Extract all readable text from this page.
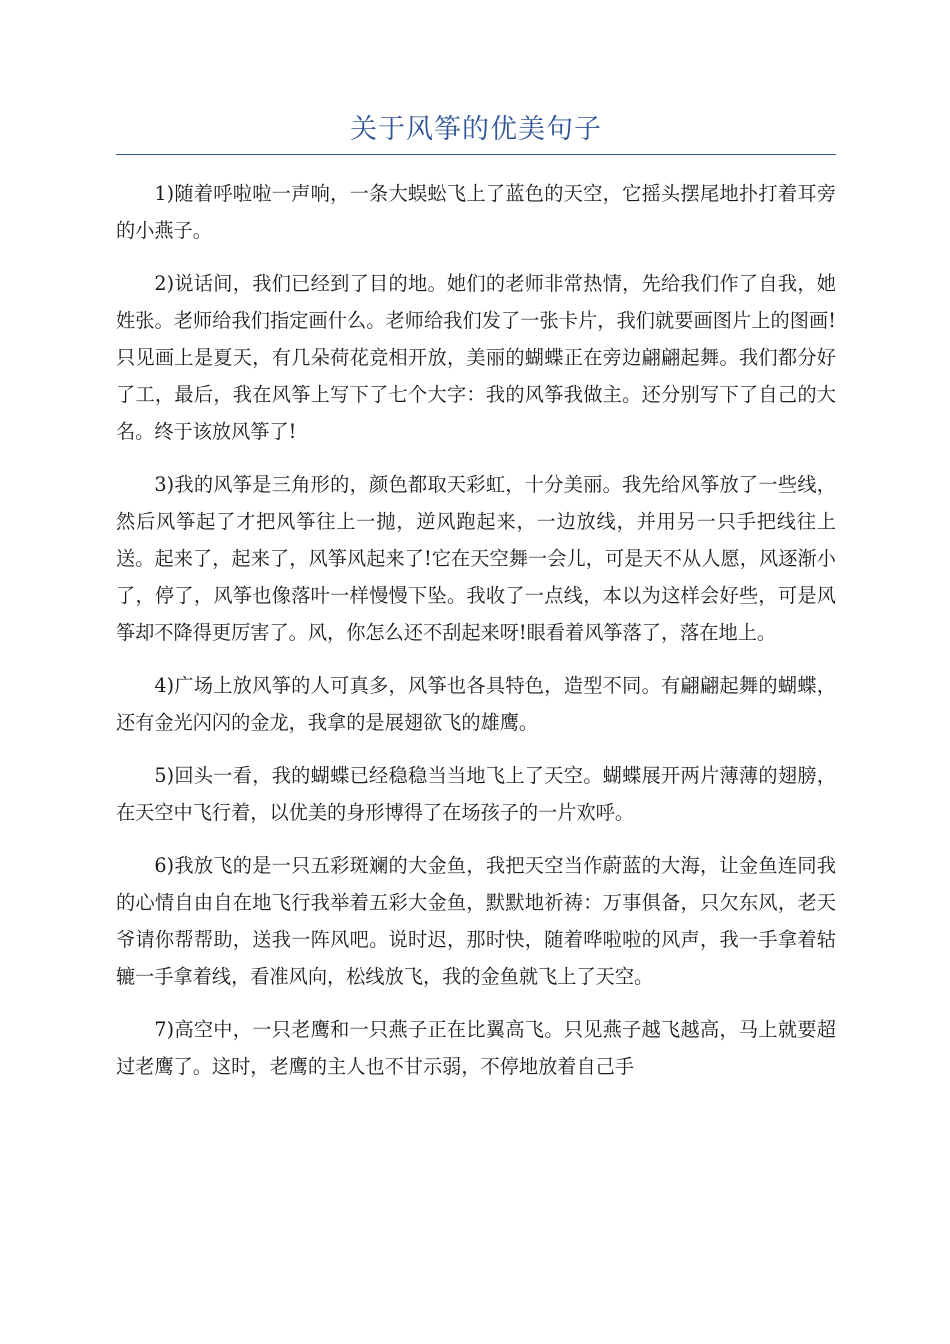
关于风筝的优美句子

1)随着呼啦啦一声响，一条大蜈蚣飞上了蓝色的天空，它摇头摆尾地扑打着耳旁的小燕子。

2)说话间，我们已经到了目的地。她们的老师非常热情，先给我们作了自我，她姓张。老师给我们指定画什么。老师给我们发了一张卡片，我们就要画图片上的图画!只见画上是夏天，有几朵荷花竞相开放，美丽的蝴蝶正在旁边翩翩起舞。我们都分好了工，最后，我在风筝上写下了七个大字：我的风筝我做主。还分别写下了自己的大名。终于该放风筝了!

3)我的风筝是三角形的，颜色都取天彩虹，十分美丽。我先给风筝放了一些线，然后风筝起了才把风筝往上一抛，逆风跑起来，一边放线，并用另一只手把线往上送。起来了，起来了，风筝风起来了!它在天空舞一会儿，可是天不从人愿，风逐渐小了，停了，风筝也像落叶一样慢慢下坠。我收了一点线，本以为这样会好些，可是风筝却不降得更厉害了。风，你怎么还不刮起来呀!眼看着风筝落了，落在地上。

4)广场上放风筝的人可真多，风筝也各具特色，造型不同。有翩翩起舞的蝴蝶，还有金光闪闪的金龙，我拿的是展翅欲飞的雄鹰。

5)回头一看，我的蝴蝶已经稳稳当当地飞上了天空。蝴蝶展开两片薄薄的翅膀，在天空中飞行着，以优美的身形博得了在场孩子的一片欢呼。

6)我放飞的是一只五彩斑斓的大金鱼，我把天空当作蔚蓝的大海，让金鱼连同我的心情自由自在地飞行我举着五彩大金鱼，默默地祈祷：万事俱备，只欠东风，老天爷请你帮帮助，送我一阵风吧。说时迟，那时快，随着哗啦啦的风声，我一手拿着轱辘一手拿着线，看准风向，松线放飞，我的金鱼就飞上了天空。

7)高空中，一只老鹰和一只燕子正在比翼高飞。只见燕子越飞越高，马上就要超过老鹰了。这时，老鹰的主人也不甘示弱，不停地放着自己手
